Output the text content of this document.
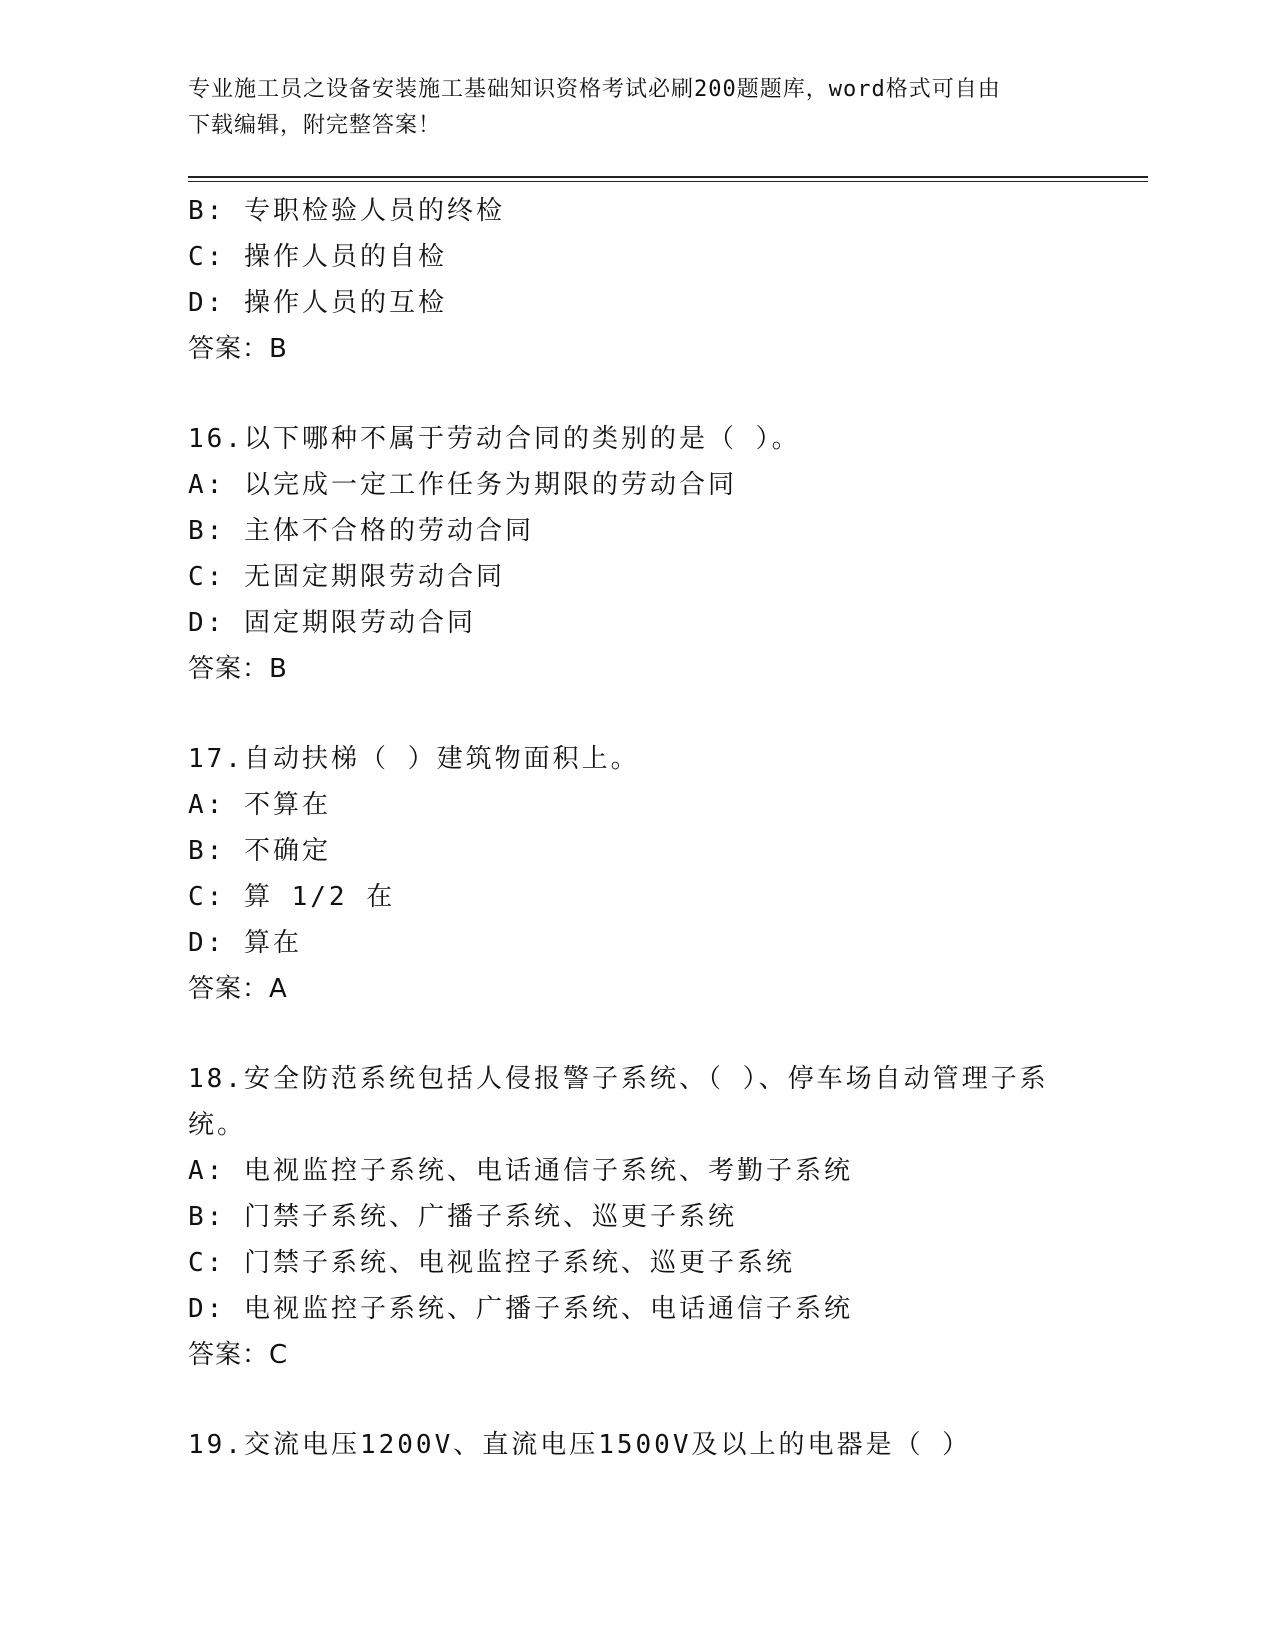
专业施工员之设备安装施工基础知识资格考试必刷200题题库，word格式可自由
下载编辑，附完整答案！
B: 专职检验人员的终检
C: 操作人员的自检
D: 操作人员的互检
答案：B
16.以下哪种不属于劳动合同的类别的是（ ）。
A: 以完成一定工作任务为期限的劳动合同
B: 主体不合格的劳动合同
C: 无固定期限劳动合同
D: 固定期限劳动合同
答案：B
17.自动扶梯（ ）建筑物面积上。
A: 不算在
B: 不确定
C: 算 1/2 在
D: 算在
答案：A
18.安全防范系统包括人侵报警子系统、（ ）、停车场自动管理子系
统。
A: 电视监控子系统、电话通信子系统、考勤子系统
B: 门禁子系统、广播子系统、巡更子系统
C: 门禁子系统、电视监控子系统、巡更子系统
D: 电视监控子系统、广播子系统、电话通信子系统
答案：C
19.交流电压1200V、直流电压1500V及以上的电器是（ ）
